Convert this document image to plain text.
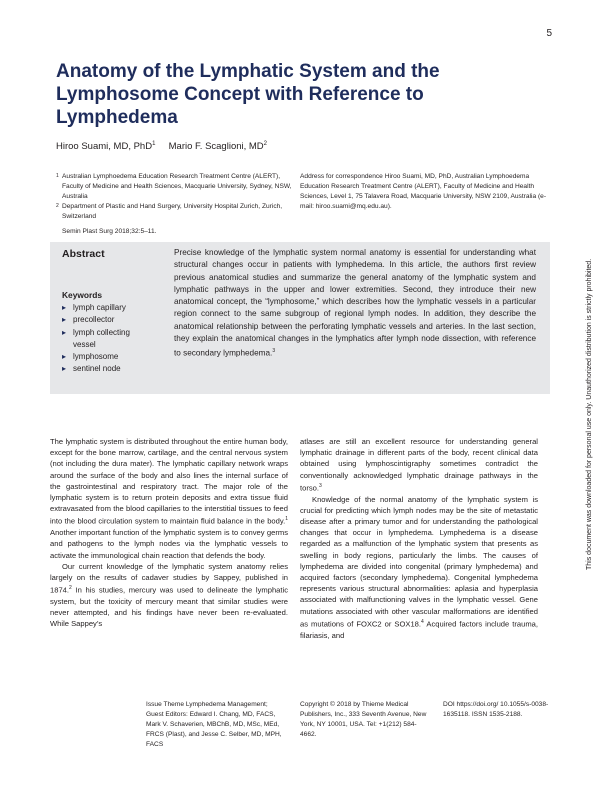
5
Anatomy of the Lymphatic System and the Lymphosome Concept with Reference to Lymphedema
Hiroo Suami, MD, PhD$^1$ Mario F. Scaglioni, $MD^2$

1 Australian Lymphoedema Education Research Treatment Centre (ALERT), Faculty of Medicine and Health Sciences, Macquarie University, Sydney, NSW, Australia

2 Department of Plastic and Hand Surgery, University Hospital Zurich, Zurich, Switzerland

Address for correspondence Hiroo Suami, MD, PhD, Australian Lymphoedema Education Research Treatment Centre (ALERT), Faculty of Medicine and Health Sciences, Level 1, 75 Talavera Road, Macquarie University, NSW 2109, Australia (e-mail: hiroo.suami@mq.edu.au).
Semin Plast Surg 2018;32:5–11.
Abstract	Precise knowledge of the lymphatic system normal anatomy is essential for understanding what structural changes occur in patients with lymphedema. In this article, the authors first review previous anatomical studies and summarize the general anatomy of the lymphatic system and lymphatic pathways in the upper and lower extremities. Second, they introduce their new anatomical concept, the “lymphosome,” which describes how the lymphatic vessels in a particular region connect to the same subgroup of regional lymph nodes. In addition, they describe the anatomical relationship between the perforating lymphatic vessels and arteries. In the last section, they explain the anatomical changes in the lymphatics after lymph node dissection, with reference to secondary lymphedema.$^3$
Keywords
▸ lymph capillary
▸ precollector
▸ lymph collecting
vessel
▸ lymphosome
▸ sentinel node

The lymphatic system is distributed throughout the entire human body, except for the bone marrow, cartilage, and the central nervous system (not including the dura mater). The lymphatic capillary network wraps around the surface of the body and also lines the internal surface of the gastrointestinal and respiratory tract. The major role of the lymphatic system is to return protein deposits and extra tissue fluid extravasated from the blood capillaries to the interstitial tissues to feed into the blood circulation system to maintain fluid balance in the body.$^1$ Another important function of the lymphatic system is to convey germs and pathogens to the lymph nodes via the lymphatic vessels to activate the immunological chain reaction that defends the body.

Our current knowledge of the lymphatic system anatomy relies largely on the results of cadaver studies by Sappey, published in 1874.$^2$ In his studies, mercury was used to delineate the lymphatic system, but the toxicity of mercury meant that similar studies were never attempted, and his findings have never been re-evaluated. While Sappey’s

atlases are still an excellent resource for understanding general lymphatic drainage in different parts of the body, recent clinical data obtained using lymphoscintigraphy sometimes contradict the conventionally acknowledged lymphatic drainage pathways in the torso.$^3$

Knowledge of the normal anatomy of the lymphatic system is crucial for predicting which lymph nodes may be the site of metastatic disease after a primary tumor and for understanding the pathological changes that occur in lymphedema. Lymphedema is a disease regarded as a malfunction of the lymphatic system that presents as swelling in body regions, particularly the limbs. The causes of lymphedema are divided into congenital (primary lymphedema) and acquired factors (secondary lymphedema). Congenital lymphedema represents various structural abnormalities: aplasia and hyperplasia associated with malfunctioning valves in the lymphatic vessel. Gene mutations associated with other vascular malformations are identified as mutations of FOXC2 or SOX18.$^4$ Acquired factors include trauma, filariasis, and

Issue Theme Lymphedema Management; Guest Editors: Edward I. Chang, MD, FACS, Mark V. Schaverien, MBChB, MD, MSc, MEd, FRCS (Plast), and Jesse C. Selber, MD, MPH, FACS
Copyright © 2018 by Thieme Medical Publishers, Inc., 333 Seventh Avenue, New York, NY 10001, USA. Tel: +1(212) 584-4662.
DOI https://doi.org/ 10.1055/s-0038-1635118. ISSN 1535-2188.
This document was downloaded for personal use only. Unauthorized distribution is strictly prohibited.
